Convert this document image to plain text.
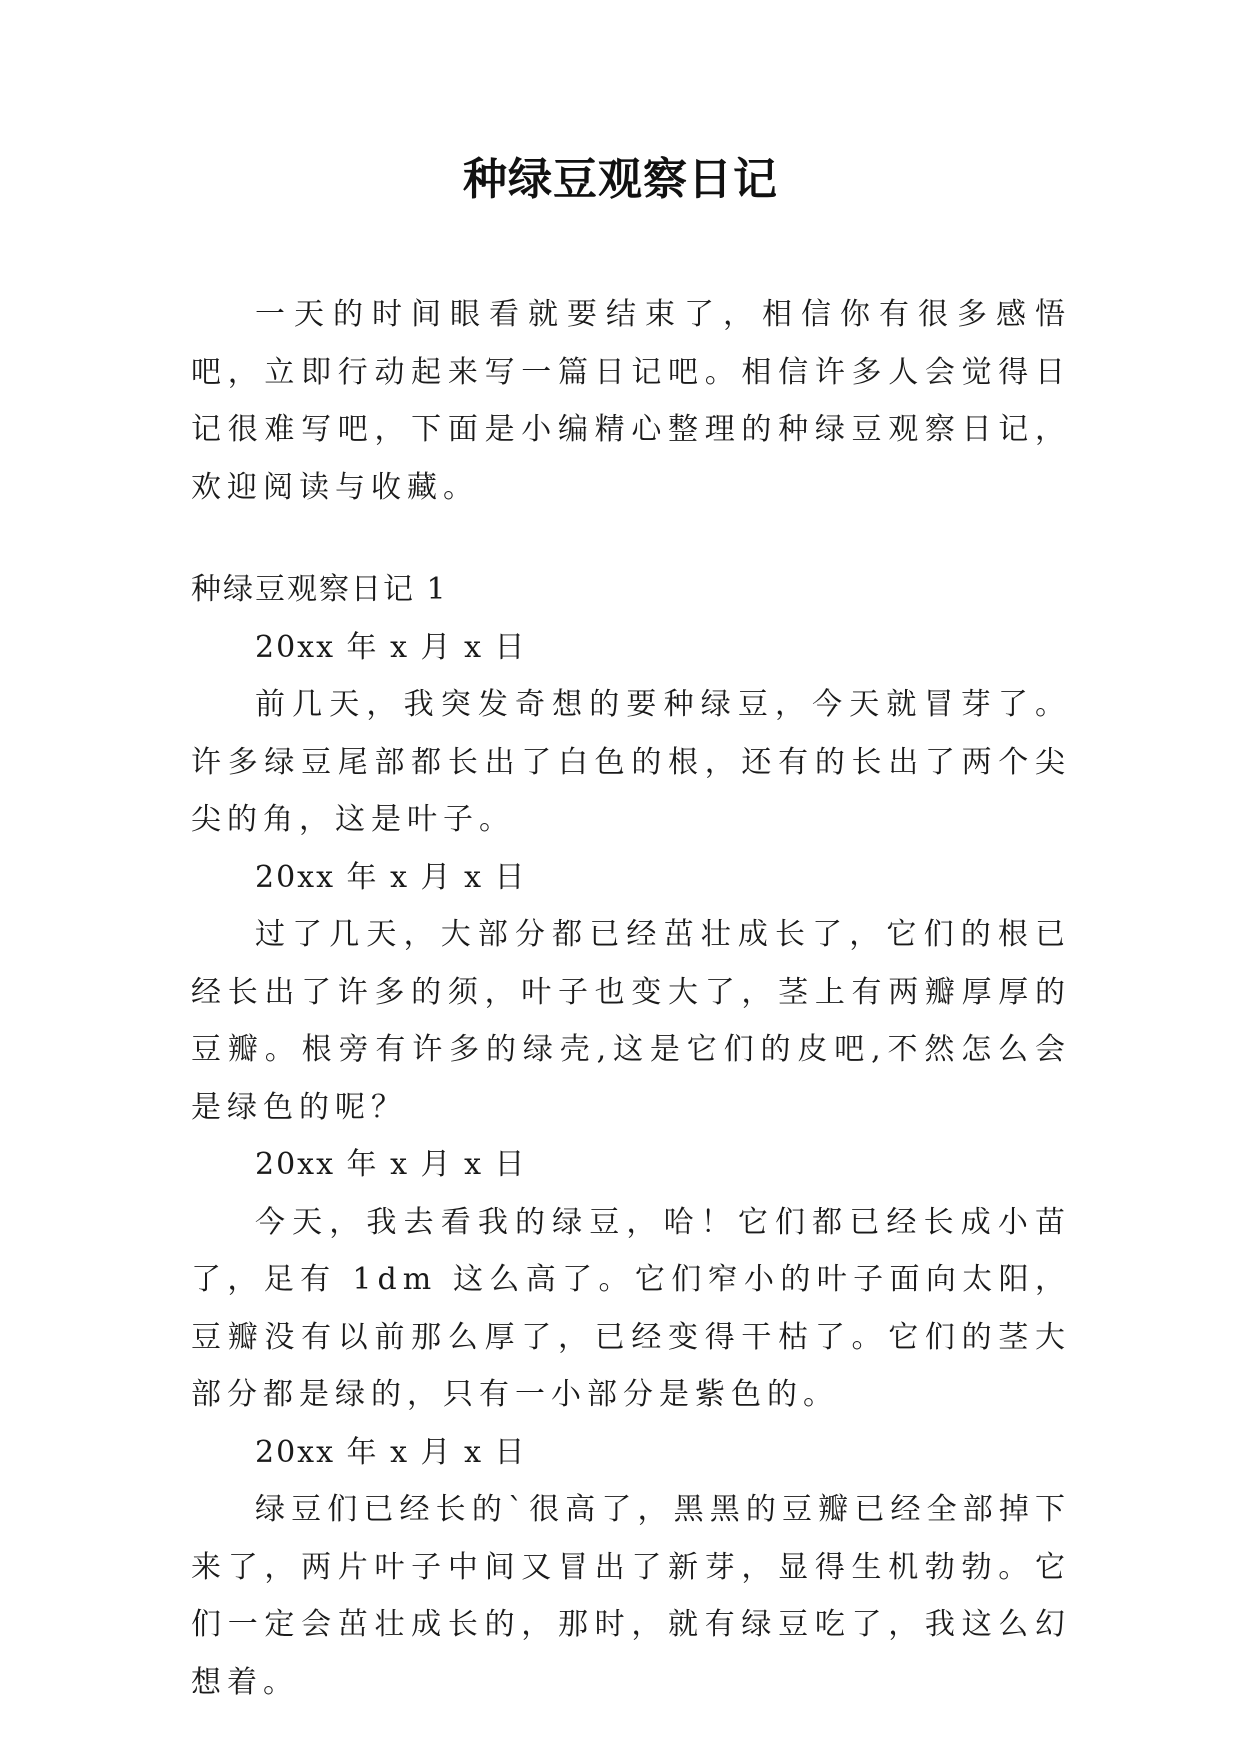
种绿豆观察日记

一天的时间眼看就要结束了，相信你有很多感悟吧，立即行动起来写一篇日记吧。相信许多人会觉得日记很难写吧，下面是小编精心整理的种绿豆观察日记，欢迎阅读与收藏。

种绿豆观察日记 1

20xx 年 x 月 x 日

前几天，我突发奇想的要种绿豆，今天就冒芽了。许多绿豆尾部都长出了白色的根，还有的长出了两个尖尖的角，这是叶子。

20xx 年 x 月 x 日

过了几天，大部分都已经茁壮成长了，它们的根已经长出了许多的须，叶子也变大了，茎上有两瓣厚厚的豆瓣。根旁有许多的绿壳,这是它们的皮吧,不然怎么会是绿色的呢？

20xx 年 x 月 x 日

今天，我去看我的绿豆，哈！它们都已经长成小苗了，足有 1dm 这么高了。它们窄小的叶子面向太阳，豆瓣没有以前那么厚了，已经变得干枯了。它们的茎大部分都是绿的，只有一小部分是紫色的。

20xx 年 x 月 x 日

绿豆们已经长的`很高了，黑黑的豆瓣已经全部掉下来了，两片叶子中间又冒出了新芽，显得生机勃勃。它们一定会茁壮成长的，那时，就有绿豆吃了，我这么幻想着。
